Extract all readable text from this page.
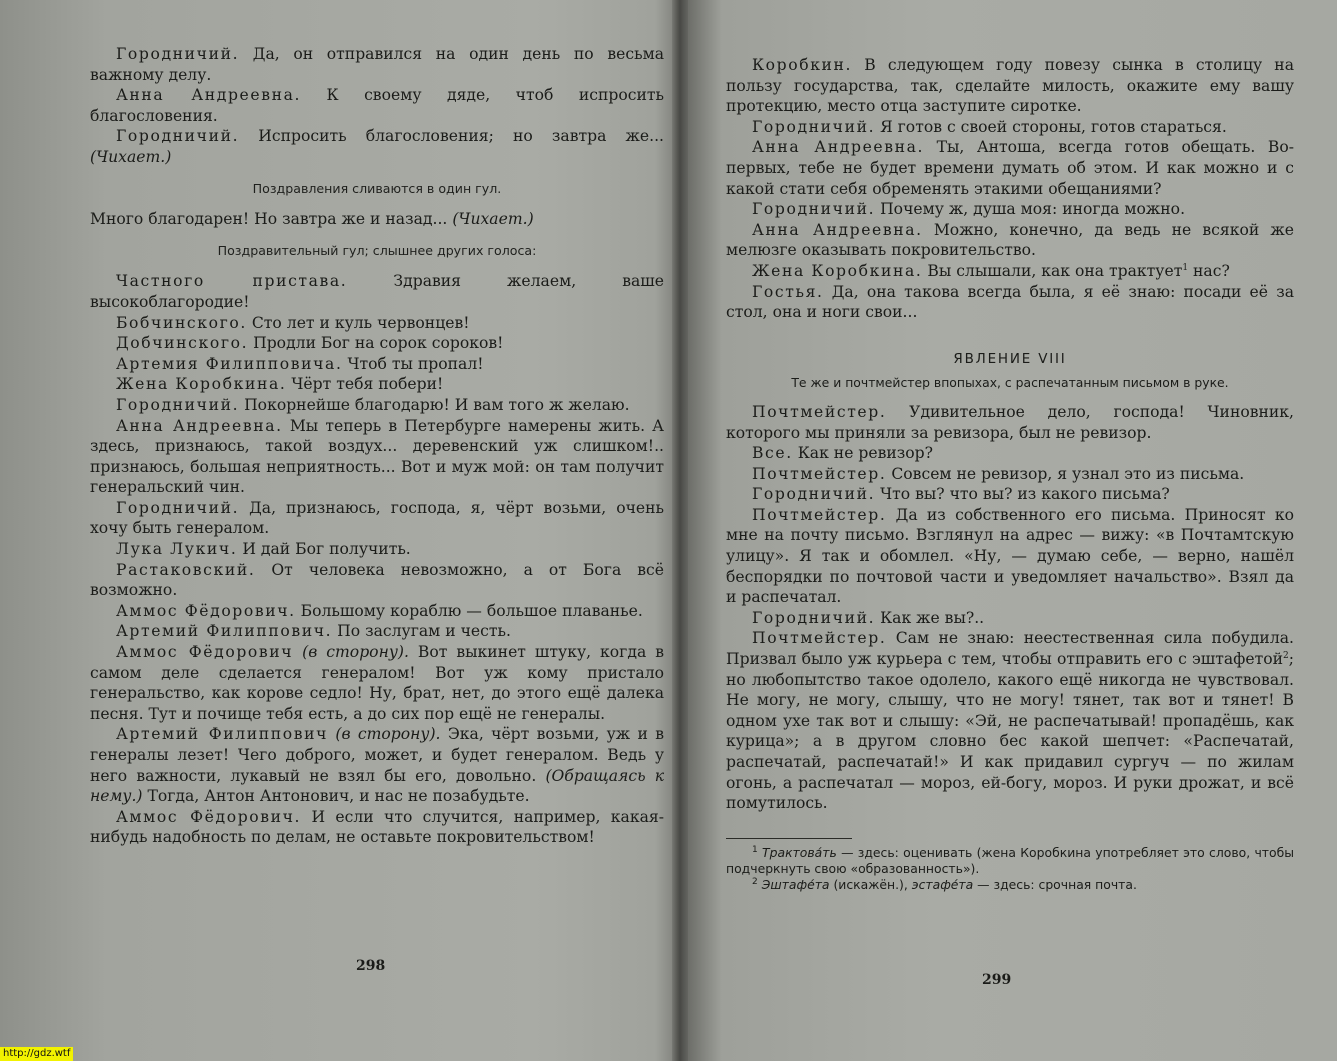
Городничий. Да, он отправился на один день по весьма важному делу.

Анна Андреевна. К своему дяде, чтоб испросить благословения.

Городничий. Испросить благословения; но завтра же... (Чихает.)

Поздравления сливаются в один гул.

Много благодарен! Но завтра же и назад... (Чихает.)

Поздравительный гул; слышнее других голоса:

Частного пристава. Здравия желаем, ваше высокоблагородие!

Бобчинского. Сто лет и куль червонцев!

Добчинского. Продли Бог на сорок сороков!

Артемия Филипповича. Чтоб ты пропал!

Жена Коробкина. Чёрт тебя побери!

Городничий. Покорнейше благодарю! И вам того ж желаю.

Анна Андреевна. Мы теперь в Петербурге намерены жить. А здесь, признаюсь, такой воздух... деревенский уж слишком!.. признаюсь, большая неприятность... Вот и муж мой: он там получит генеральский чин.

Городничий. Да, признаюсь, господа, я, чёрт возьми, очень хочу быть генералом.

Лука Лукич. И дай Бог получить.

Растаковский. От человека невозможно, а от Бога всё возможно.

Аммос Фёдорович. Большому кораблю — большое плаванье.

Артемий Филиппович. По заслугам и честь.

Аммос Фёдорович (в сторону). Вот выкинет штуку, когда в самом деле сделается генералом! Вот уж кому пристало генеральство, как корове седло! Ну, брат, нет, до этого ещё далека песня. Тут и почище тебя есть, а до сих пор ещё не генералы.

Артемий Филиппович (в сторону). Эка, чёрт возьми, уж и в генералы лезет! Чего доброго, может, и будет генералом. Ведь у него важности, лукавый не взял бы его, довольно. (Обращаясь к нему.) Тогда, Антон Антонович, и нас не позабудьте.

Аммос Фёдорович. И если что случится, например, какая-нибудь надобность по делам, не оставьте покровительством!

298

Коробкин. В следующем году повезу сынка в столицу на пользу государства, так, сделайте милость, окажите ему вашу протекцию, место отца заступите сиротке.

Городничий. Я готов с своей стороны, готов стараться.

Анна Андреевна. Ты, Антоша, всегда готов обещать. Во-первых, тебе не будет времени думать об этом. И как можно и с какой стати себя обременять этакими обещаниями?

Городничий. Почему ж, душа моя: иногда можно.

Анна Андреевна. Можно, конечно, да ведь не всякой же мелюзге оказывать покровительство.

Жена Коробкина. Вы слышали, как она трактует$^1$ нас?

Гостья. Да, она такова всегда была, я её знаю: посади её за стол, она и ноги свои...

ЯВЛЕНИЕ VIII
Те же и почтмейстер впопыхах, с распечатанным письмом в руке.

Почтмейстер. Удивительное дело, господа! Чиновник, которого мы приняли за ревизора, был не ревизор.

Все. Как не ревизор?

Почтмейстер. Совсем не ревизор, я узнал это из письма.

Городничий. Что вы? что вы? из какого письма?

Почтмейстер. Да из собственного его письма. Приносят ко мне на почту письмо. Взглянул на адрес — вижу: «в Почтамтскую улицу». Я так и обомлел. «Ну, — думаю себе, — верно, нашёл беспорядки по почтовой части и уведомляет начальство». Взял да и распечатал.

Городничий. Как же вы?..

Почтмейстер. Сам не знаю: неестественная сила побудила. Призвал было уж курьера с тем, чтобы отправить его с эштафетой$^2$; но любопытство такое одолело, какого ещё никогда не чувствовал. Не могу, не могу, слышу, что не могу! тянет, так вот и тянет! В одном ухе так вот и слышу: «Эй, не распечатывай! пропадёшь, как курица»; а в другом словно бес какой шепчет: «Распечатай, распечатай, распечатай!» И как придавил сургуч — по жилам огонь, а распечатал — мороз, ей-богу, мороз. И руки дрожат, и всё помутилось.

$^1$ Трактова́ть — здесь: оценивать (жена Коробкина употребляет это слово, чтобы подчеркнуть свою «образованность»).

$^2$ Эштафе́та (искажён.), эстафе́та — здесь: срочная почта.

299
http://gdz.wtf
